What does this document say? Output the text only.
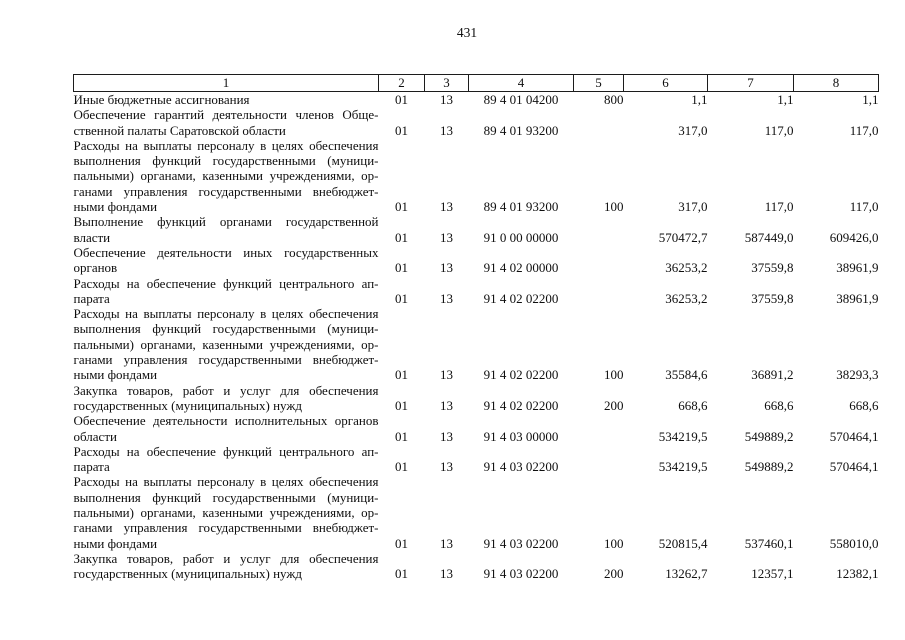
431
1	2	3	4	5	6	7	8

Иные бюджетные ассигнования	01	13	89 4 01 04200	800	1,1	1,1	1,1

Обеспечение гарантий деятельности членов Обще-
ственной палаты Саратовской области	01	13	89 4 01 93200		317,0	117,0	117,0

Расходы на выплаты персоналу в целях обеспечения
выполнения функций государственными (муници-
пальными) органами, казенными учреждениями, ор-
ганами управления государственными внебюджет-
ными фондами	01	13	89 4 01 93200	100	317,0	117,0	117,0

Выполнение функций органами государственной
власти	01	13	91 0 00 00000		570472,7	587449,0	609426,0

Обеспечение деятельности иных государственных
органов	01	13	91 4 02 00000		36253,2	37559,8	38961,9

Расходы на обеспечение функций центрального ап-
парата	01	13	91 4 02 02200		36253,2	37559,8	38961,9

Расходы на выплаты персоналу в целях обеспечения
выполнения функций государственными (муници-
пальными) органами, казенными учреждениями, ор-
ганами управления государственными внебюджет-
ными фондами	01	13	91 4 02 02200	100	35584,6	36891,2	38293,3

Закупка товаров, работ и услуг для обеспечения
государственных (муниципальных) нужд	01	13	91 4 02 02200	200	668,6	668,6	668,6

Обеспечение деятельности исполнительных органов
области	01	13	91 4 03 00000		534219,5	549889,2	570464,1

Расходы на обеспечение функций центрального ап-
парата	01	13	91 4 03 02200		534219,5	549889,2	570464,1

Расходы на выплаты персоналу в целях обеспечения
выполнения функций государственными (муници-
пальными) органами, казенными учреждениями, ор-
ганами управления государственными внебюджет-
ными фондами	01	13	91 4 03 02200	100	520815,4	537460,1	558010,0

Закупка товаров, работ и услуг для обеспечения
государственных (муниципальных) нужд	01	13	91 4 03 02200	200	13262,7	12357,1	12382,1
